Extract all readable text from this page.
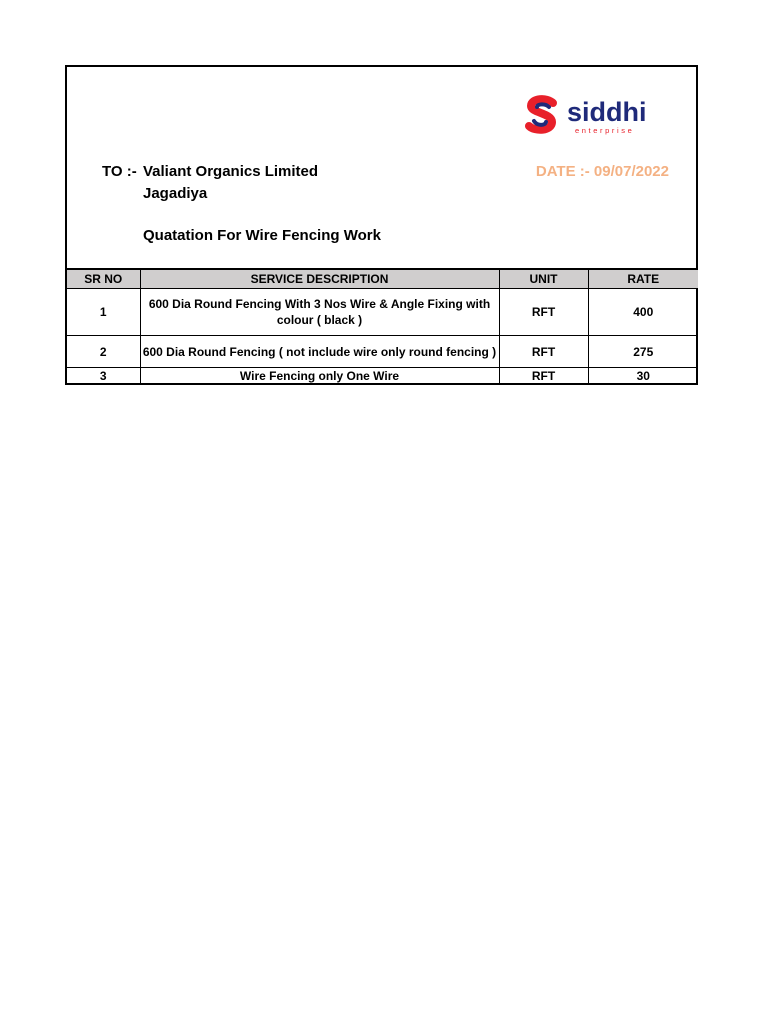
siddhi
enterprise
TO :- Valiant Organics Limited
Jagadiya
DATE :- 09/07/2022
Quatation For Wire Fencing Work
SR NO	SERVICE DESCRIPTION	UNIT	RATE
1	600 Dia Round Fencing With 3 Nos Wire & Angle Fixing with colour ( black )	RFT	400
2	600 Dia Round Fencing ( not include wire only round fencing )	RFT	275
3	Wire Fencing only One Wire	RFT	30
